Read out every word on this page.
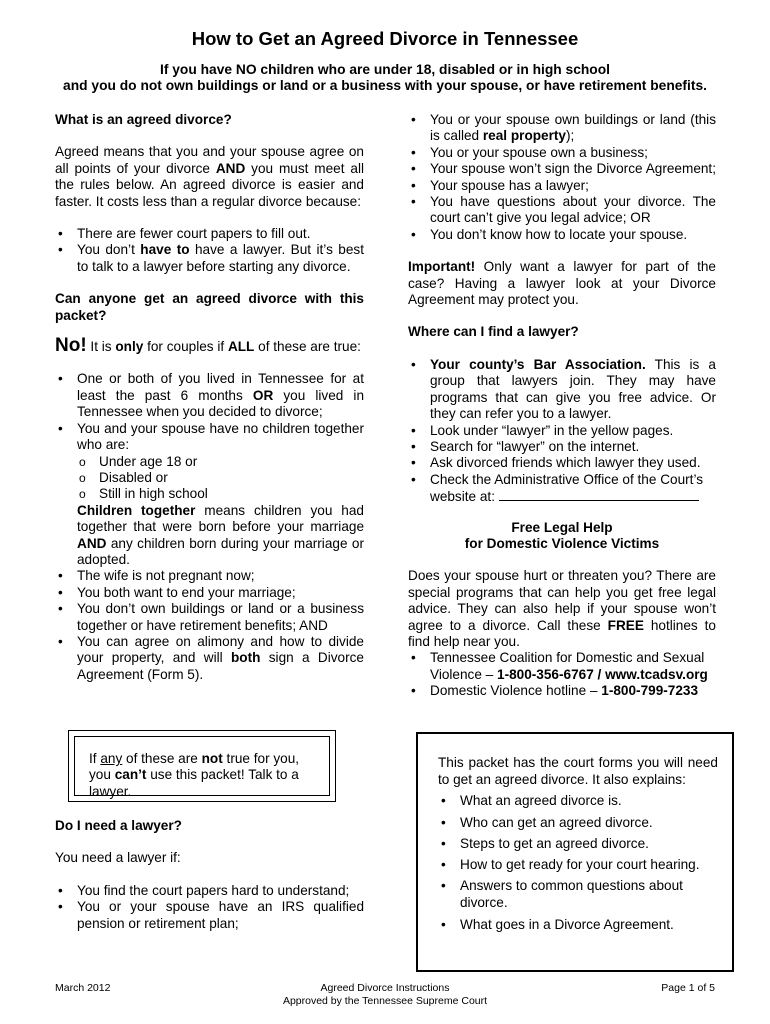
How to Get an Agreed Divorce in Tennessee
If you have NO children who are under 18, disabled or in high school
and you do not own buildings or land or a business with your spouse, or have retirement benefits.

What is an agreed divorce?

Agreed means that you and your spouse agree on all points of your divorce AND you must meet all the rules below. An agreed divorce is easier and faster. It costs less than a regular divorce because:

• There are fewer court papers to fill out.
• You don’t have to have a lawyer. But it’s best to talk to a lawyer before starting any divorce.

Can anyone get an agreed divorce with this packet?

No! It is only for couples if ALL of these are true:

• One or both of you lived in Tennessee for at least the past 6 months OR you lived in Tennessee when you decided to divorce;
• You and your spouse have no children together who are:
o Under age 18 or
o Disabled or
o Still in high school
Children together means children you had together that were born before your marriage AND any children born during your marriage or adopted.
• The wife is not pregnant now;
• You both want to end your marriage;
• You don’t own buildings or land or a business together or have retirement benefits; AND
• You can agree on alimony and how to divide your property, and will both sign a Divorce Agreement (Form 5).
If any of these are not true for you, you can’t use this packet! Talk to a lawyer.

Do I need a lawyer?

You need a lawyer if:

• You find the court papers hard to understand;
• You or your spouse have an IRS qualified pension or retirement plan;
• You or your spouse own buildings or land (this is called real property);
• You or your spouse own a business;
• Your spouse won’t sign the Divorce Agreement;
• Your spouse has a lawyer;
• You have questions about your divorce. The court can’t give you legal advice; OR
• You don’t know how to locate your spouse.

Important! Only want a lawyer for part of the case? Having a lawyer look at your Divorce Agreement may protect you.

Where can I find a lawyer?

• Your county’s Bar Association. This is a group that lawyers join. They may have programs that can give you free advice. Or they can refer you to a lawyer.
• Look under “lawyer” in the yellow pages.
• Search for “lawyer” on the internet.
• Ask divorced friends which lawyer they used.
• Check the Administrative Office of the Court’s website at:

Free Legal Help
for Domestic Violence Victims

Does your spouse hurt or threaten you? There are special programs that can help you get free legal advice. They can also help if your spouse won’t agree to a divorce. Call these FREE hotlines to find help near you.

• Tennessee Coalition for Domestic and Sexual Violence – 1-800-356-6767 / www.tcadsv.org
• Domestic Violence hotline – 1-800-799-7233

This packet has the court forms you will need to get an agreed divorce. It also explains:

• What an agreed divorce is.
• Who can get an agreed divorce.
• Steps to get an agreed divorce.
• How to get ready for your court hearing.
• Answers to common questions about divorce.
• What goes in a Divorce Agreement.
March 2012	Agreed Divorce Instructions
Approved by the Tennessee Supreme Court
Page 1 of 5
